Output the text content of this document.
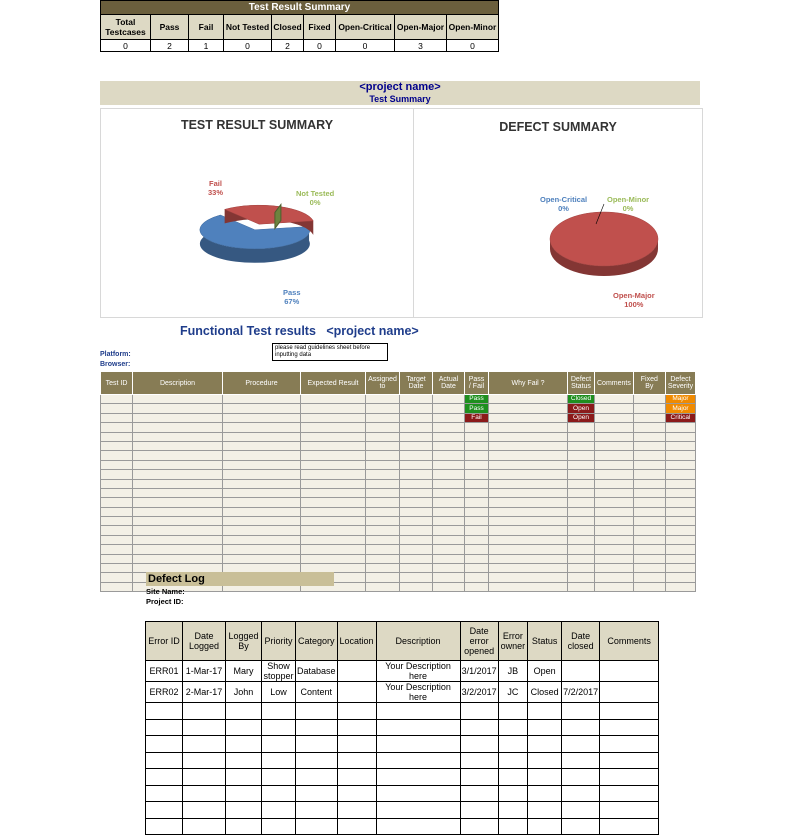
Test Result Summary								
Total Testcases	Pass	Fail	Not Tested	Closed	Fixed	Open-Critical	Open-Major	Open-Minor
0	2	1	0	2	0	0	3	0
<project name>
Test Summary
TEST RESULT SUMMARY
Fail
33%	Not Tested
0%
Pass
67%
DEFECT SUMMARY
Open-Critical
0%
Open-Minor
0%
Open-Major
100%
Functional Test results   <project name>
Platform:
Browser:
please read guidelines sheet before inputting data
Test ID	Description	Procedure	Expected Result	Assigned to	Target Date	Actual Date	Pass / Fail	Why Fail ?	Defect Status	Comments	Fixed By	Defect Severity
							Pass		Closed			Major
							Pass		Open			Major
							Fail		Open			Critical

Defect Log
Site Name:
Project ID:
Error ID	Date Logged	Logged By	Priority	Category	Location	Description	Date error opened	Error owner	Status	Date closed	Comments
ERR01	1-Mar-17	Mary	Show stopper	Database		Your Description here	3/1/2017	JB	Open		
ERR02	2-Mar-17	John	Low	Content		Your Description here	3/2/2017	JC	Closed	7/2/2017	
